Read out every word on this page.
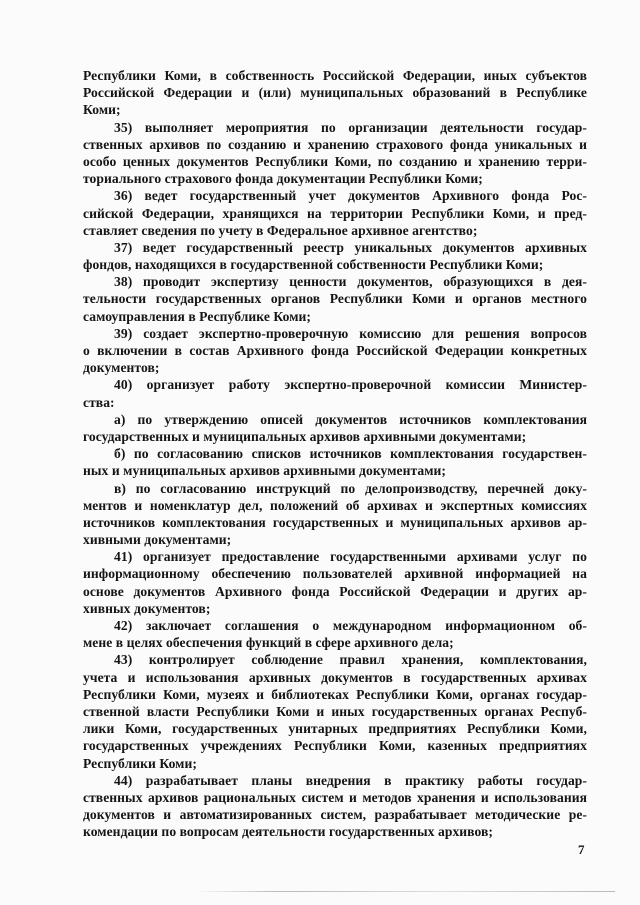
Республики Коми, в собственность Российской Федерации, иных субъектов
Российской Федерации и (или) муниципальных образований в Республике
Коми;
35) выполняет мероприятия по организации деятельности государ-
ственных архивов по созданию и хранению страхового фонда уникальных и
особо ценных документов Республики Коми, по созданию и хранению терри-
ториального страхового фонда документации Республики Коми;
36) ведет государственный учет документов Архивного фонда Рос-
сийской Федерации, хранящихся на территории Республики Коми, и пред-
ставляет сведения по учету в Федеральное архивное агентство;
37) ведет государственный реестр уникальных документов архивных
фондов, находящихся в государственной собственности Республики Коми;
38) проводит экспертизу ценности документов, образующихся в дея-
тельности государственных органов Республики Коми и органов местного
самоуправления в Республике Коми;
39) создает экспертно-проверочную комиссию для решения вопросов
о включении в состав Архивного фонда Российской Федерации конкретных
документов;
40) организует работу экспертно-проверочной комиссии Министер-
ства:
а) по утверждению описей документов источников комплектования
государственных и муниципальных архивов архивными документами;
б) по согласованию списков источников комплектования государствен-
ных и муниципальных архивов архивными документами;
в) по согласованию инструкций по делопроизводству, перечней доку-
ментов и номенклатур дел, положений об архивах и экспертных комиссиях
источников комплектования государственных и муниципальных архивов ар-
хивными документами;
41) организует предоставление государственными архивами услуг по
информационному обеспечению пользователей архивной информацией на
основе документов Архивного фонда Российской Федерации и других ар-
хивных документов;
42) заключает соглашения о международном информационном об-
мене в целях обеспечения функций в сфере архивного дела;
43) контролирует соблюдение правил хранения, комплектования,
учета и использования архивных документов в государственных архивах
Республики Коми, музеях и библиотеках Республики Коми, органах государ-
ственной власти Республики Коми и иных государственных органах Респуб-
лики Коми, государственных унитарных предприятиях Республики Коми,
государственных учреждениях Республики Коми, казенных предприятиях
Республики Коми;
44) разрабатывает планы внедрения в практику работы государ-
ственных архивов рациональных систем и методов хранения и использования
документов и автоматизированных систем, разрабатывает методические ре-
комендации по вопросам деятельности государственных архивов;
7
